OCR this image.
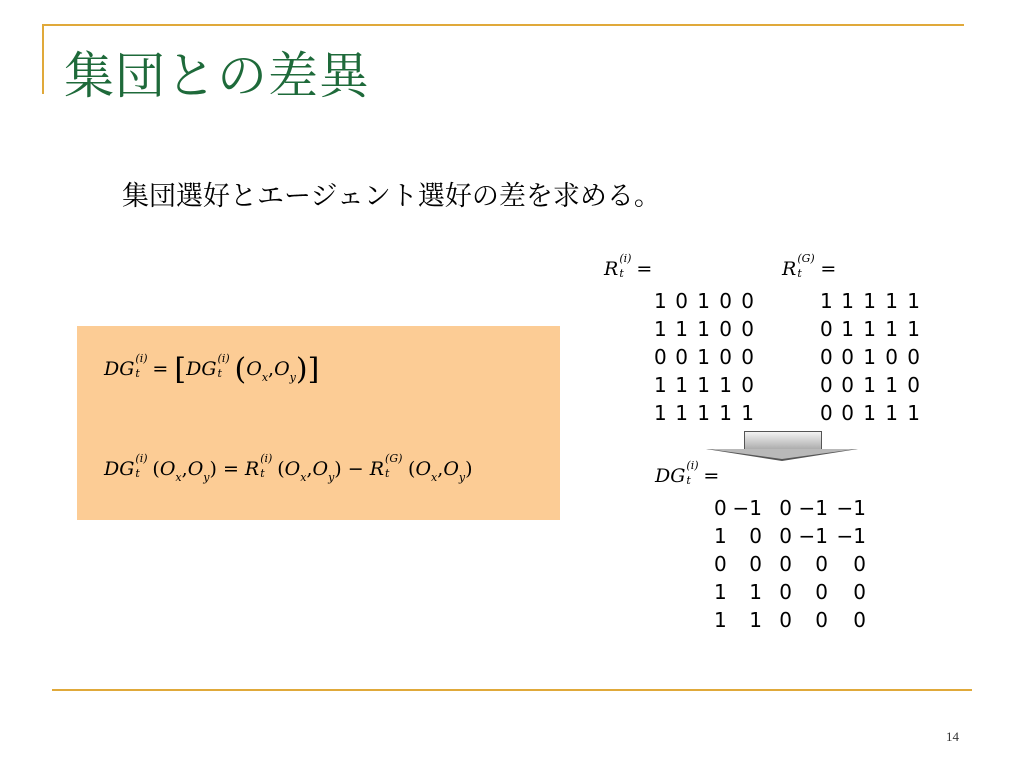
集団との差異
集団選好とエージェント選好の差を求める。
DG (i)
t = [DG (i)
t $(O_x,O_y)$]
DG (i)
t $(O_x,O_y) = R$ (i)
t $(O_x,O_y) - R$ (G)
t $(O_x,O_y)$
R (i)
t =	R (G)
t =
DG (i)
t =
1 0 1 0 0
1 1 1 0 0
0 0 1 0 0
1 1 1 1 0
1 1 1 1 1
1 1 1 1 1
0 1 1 1 1
0 0 1 0 0
0 0 1 1 0
0 0 1 1 1
0 −1 0 −1 −1
1	0 0 −1 −1
0	0 0	0	0
1	1 0	0	0
1	1 0	0	0
14
